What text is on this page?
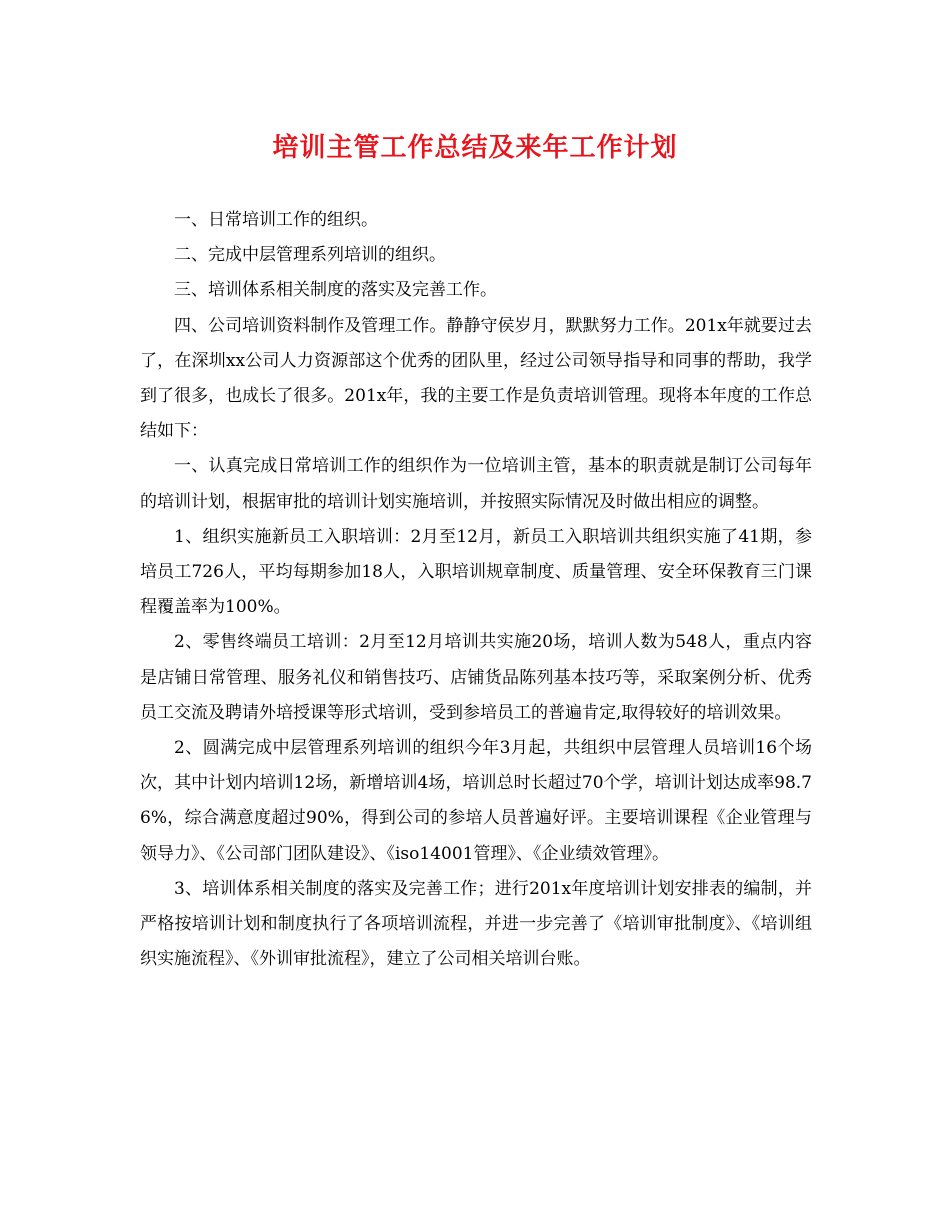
培训主管工作总结及来年工作计划

一、日常培训工作的组织。

二、完成中层管理系列培训的组织。

三、培训体系相关制度的落实及完善工作。

四、公司培训资料制作及管理工作。静静守侯岁月，默默努力工作。201x年就要过去了，在深圳xx公司人力资源部这个优秀的团队里，经过公司领导指导和同事的帮助，我学到了很多，也成长了很多。201x年，我的主要工作是负责培训管理。现将本年度的工作总结如下：

一、认真完成日常培训工作的组织作为一位培训主管，基本的职责就是制订公司每年的培训计划，根据审批的培训计划实施培训，并按照实际情况及时做出相应的调整。

1、组织实施新员工入职培训：2月至12月，新员工入职培训共组织实施了41期，参培员工726人，平均每期参加18人，入职培训规章制度、质量管理、安全环保教育三门课程覆盖率为100%。

2、零售终端员工培训：2月至12月培训共实施20场，培训人数为548人，重点内容是店铺日常管理、服务礼仪和销售技巧、店铺货品陈列基本技巧等，采取案例分析、优秀员工交流及聘请外培授课等形式培训，受到参培员工的普遍肯定,取得较好的培训效果。

2、圆满完成中层管理系列培训的组织今年3月起，共组织中层管理人员培训16个场次，其中计划内培训12场，新增培训4场，培训总时长超过70个学，培训计划达成率98.76%，综合满意度超过90%，得到公司的参培人员普遍好评。主要培训课程《企业管理与领导力》、《公司部门团队建设》、《iso14001管理》、《企业绩效管理》。

3、培训体系相关制度的落实及完善工作；进行201x年度培训计划安排表的编制，并严格按培训计划和制度执行了各项培训流程，并进一步完善了《培训审批制度》、《培训组织实施流程》、《外训审批流程》，建立了公司相关培训台账。
